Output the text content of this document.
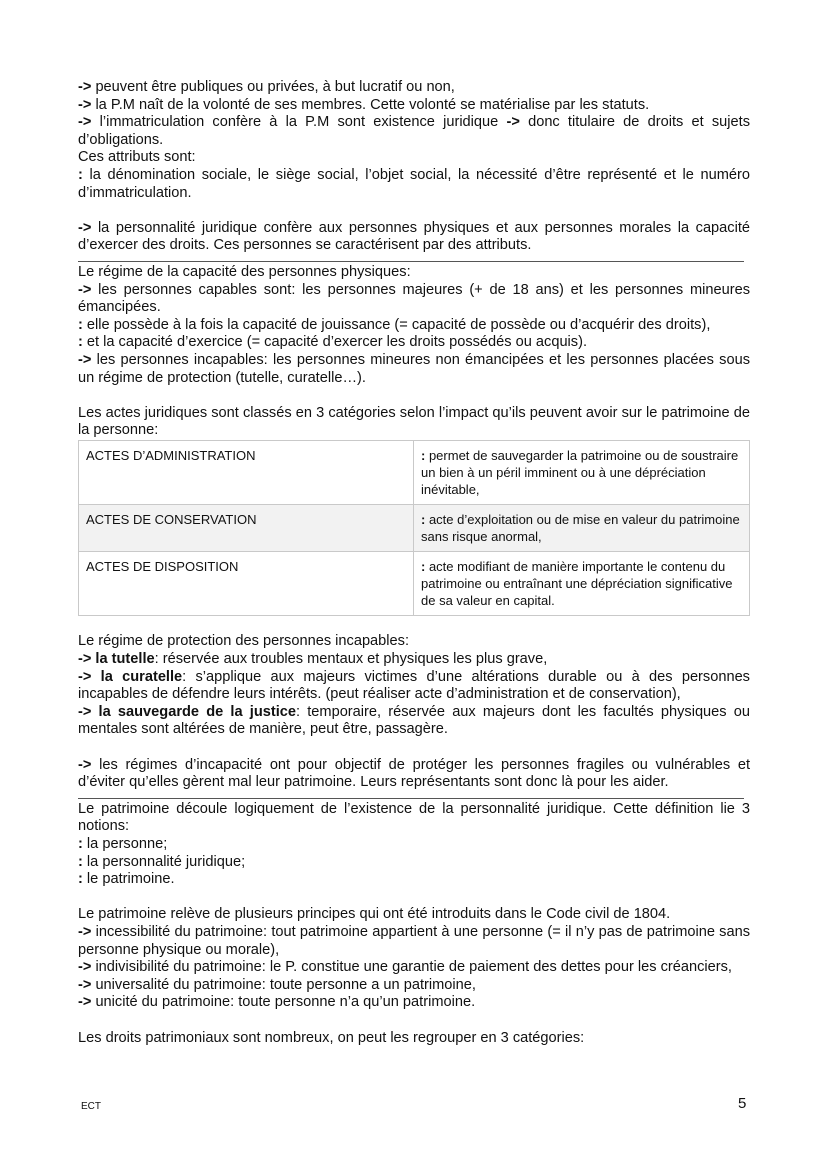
-> peuvent être publiques ou privées, à but lucratif ou non,

-> la P.M naît de la volonté de ses membres. Cette volonté se matérialise par les statuts.

-> l’immatriculation confère à la P.M sont existence juridique -> donc titulaire de droits et sujets d’obligations.

Ces attributs sont:

: la dénomination sociale, le siège social, l’objet social, la nécessité d’être représenté et le numéro d’immatriculation.

-> la personnalité juridique confère aux personnes physiques et aux personnes morales la capacité d’exercer des droits. Ces personnes se caractérisent par des attributs.

Le régime de la capacité des personnes physiques:

-> les personnes capables sont: les personnes majeures (+ de 18 ans) et les personnes mineures émancipées.

: elle possède à la fois la capacité de jouissance (= capacité de possède ou d’acquérir des droits),

: et la capacité d’exercice (= capacité d’exercer les droits possédés ou acquis).

-> les personnes incapables: les personnes mineures non émancipées et les personnes placées sous un régime de protection (tutelle, curatelle…).

Les actes juridiques sont classés en 3 catégories selon l’impact qu’ils peuvent avoir sur le patrimoine de la personne:

ACTES D’ADMINISTRATION	: permet de sauvegarder la patrimoine ou de soustraire un bien à un péril imminent ou à une dépréciation inévitable,
ACTES DE CONSERVATION	: acte d’exploitation ou de mise en valeur du patrimoine sans risque anormal,
ACTES DE DISPOSITION	: acte modifiant de manière importante le contenu du patrimoine ou entraînant une dépréciation significative de sa valeur en capital.

Le régime de protection des personnes incapables:

-> la tutelle: réservée aux troubles mentaux et physiques les plus grave,

-> la curatelle: s’applique aux majeurs victimes d’une altérations durable ou à des personnes incapables de défendre leurs intérêts. (peut réaliser acte d’administration et de conservation),

-> la sauvegarde de la justice: temporaire, réservée aux majeurs dont les facultés physiques ou mentales sont altérées de manière, peut être, passagère.

-> les régimes d’incapacité ont pour objectif de protéger les personnes fragiles ou vulnérables et d’éviter qu’elles gèrent mal leur patrimoine. Leurs représentants sont donc là pour les aider.

Le patrimoine découle logiquement de l’existence de la personnalité juridique. Cette définition lie 3 notions:

: la personne;

: la personnalité juridique;

: le patrimoine.

Le patrimoine relève de plusieurs principes qui ont été introduits dans le Code civil de 1804.

-> incessibilité du patrimoine: tout patrimoine appartient à une personne (= il n’y pas de patrimoine sans personne physique ou morale),

-> indivisibilité du patrimoine: le P. constitue une garantie de paiement des dettes pour les créanciers,

-> universalité du patrimoine: toute personne a un patrimoine,

-> unicité du patrimoine: toute personne n’a qu’un patrimoine.

Les droits patrimoniaux sont nombreux, on peut les regrouper en 3 catégories:

ECT	5
